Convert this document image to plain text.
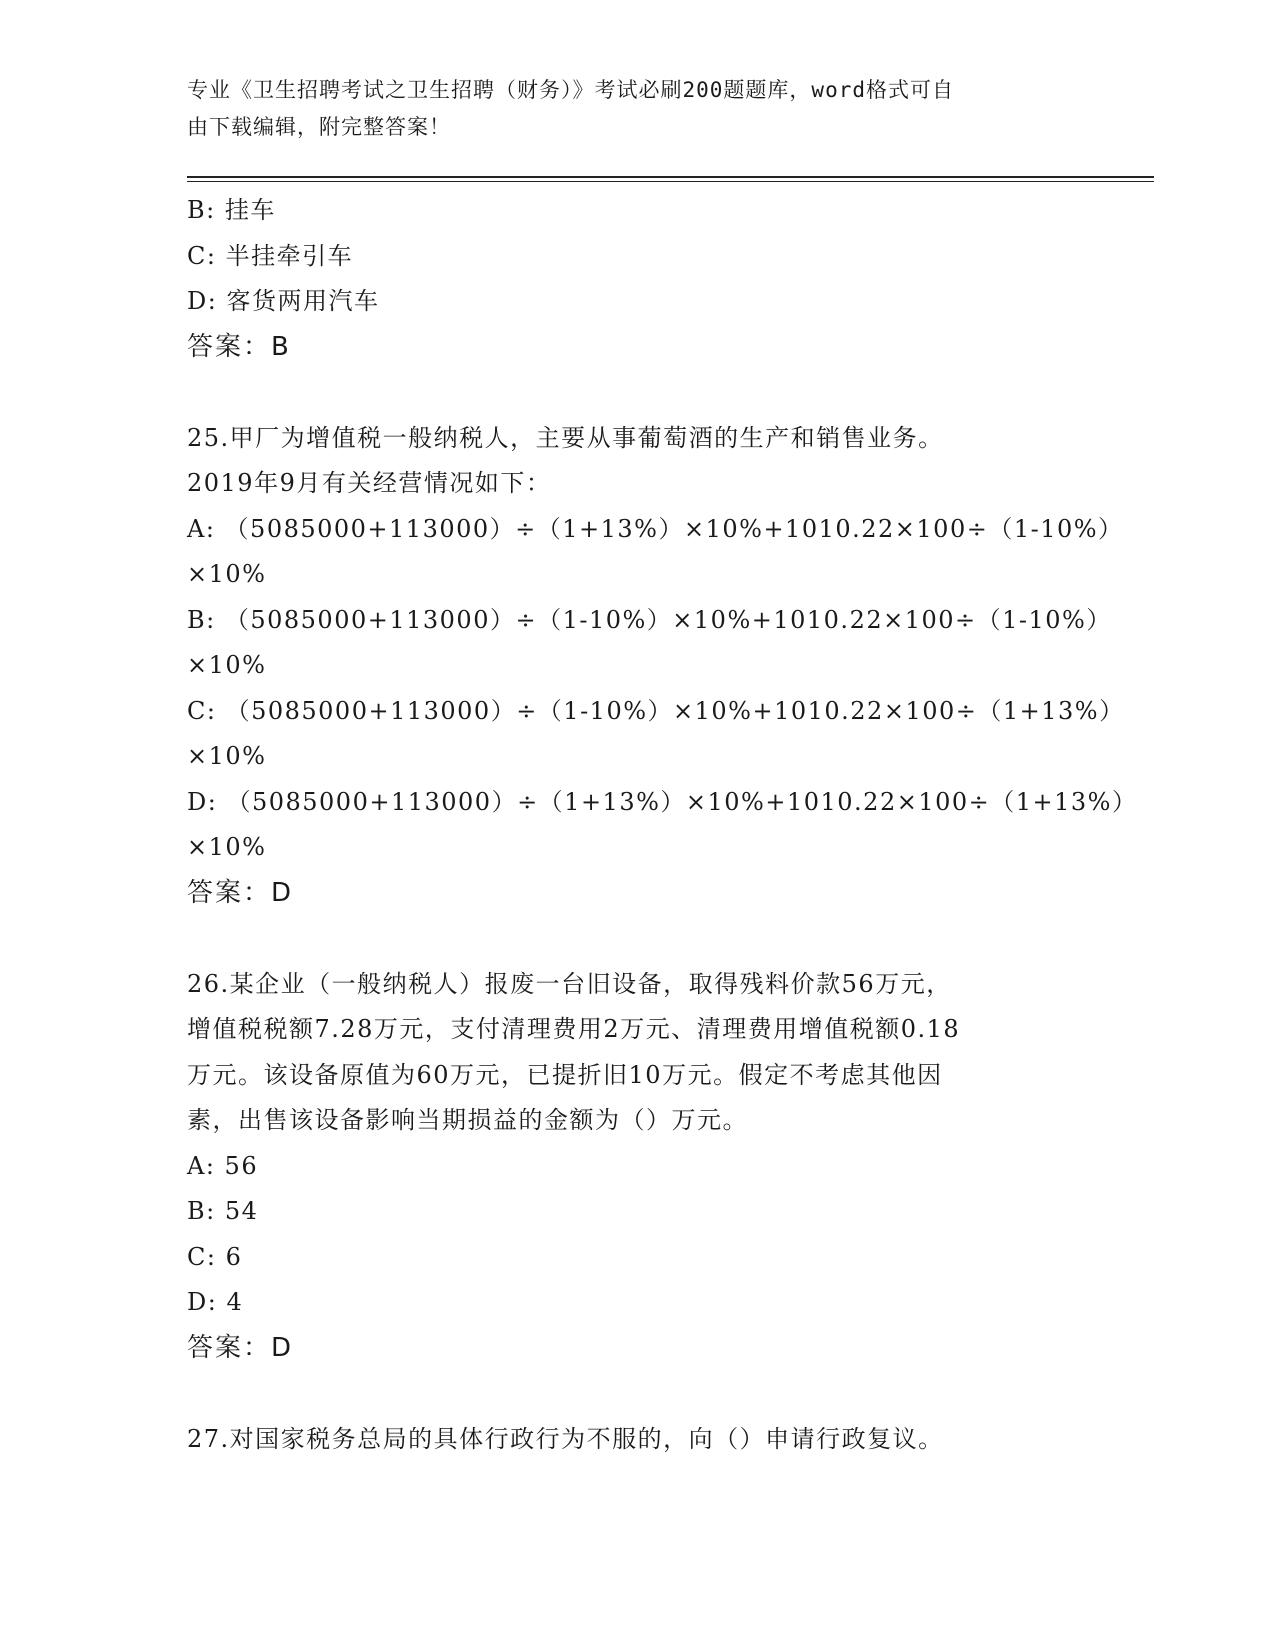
专业《卫生招聘考试之卫生招聘（财务）》考试必刷200题题库，word格式可自
由下载编辑，附完整答案！
B: 挂车
C: 半挂牵引车
D: 客货两用汽车
答案：B
25.甲厂为增值税一般纳税人，主要从事葡萄酒的生产和销售业务。
2019年9月有关经营情况如下：
A: （5085000+113000）÷（1+13%）×10%+1010.22×100÷（1-10%）
×10%
B: （5085000+113000）÷（1-10%）×10%+1010.22×100÷（1-10%）
×10%
C: （5085000+113000）÷（1-10%）×10%+1010.22×100÷（1+13%）
×10%
D: （5085000+113000）÷（1+13%）×10%+1010.22×100÷（1+13%）
×10%
答案：D
26.某企业（一般纳税人）报废一台旧设备，取得残料价款56万元，
增值税税额7.28万元，支付清理费用2万元、清理费用增值税额0.18
万元。该设备原值为60万元，已提折旧10万元。假定不考虑其他因
素，出售该设备影响当期损益的金额为（）万元。
A: 56
B: 54
C: 6
D: 4
答案：D
27.对国家税务总局的具体行政行为不服的，向（）申请行政复议。
